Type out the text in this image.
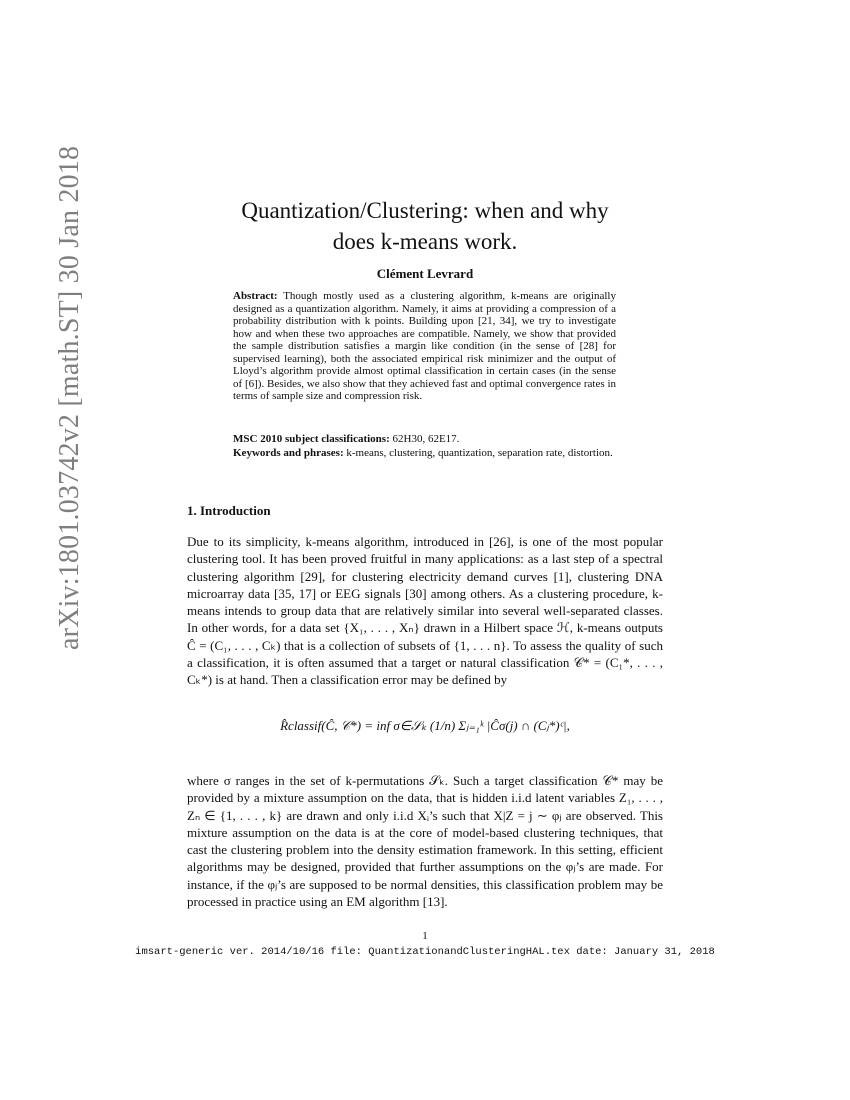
arXiv:1801.03742v2 [math.ST] 30 Jan 2018	Quantization/Clustering: when and why
does k-means work.
Clément Levrard
Abstract: Though mostly used as a clustering algorithm, k-means are originally designed as a quantization algorithm. Namely, it aims at providing a compression of a probability distribution with k points. Building upon [21, 34], we try to investigate how and when these two approaches are compatible. Namely, we show that provided the sample distribution satisfies a margin like condition (in the sense of [28] for supervised learning), both the associated empirical risk minimizer and the output of Lloyd’s algorithm provide almost optimal classification in certain cases (in the sense of [6]). Besides, we also show that they achieved fast and optimal convergence rates in terms of sample size and compression risk.
MSC 2010 subject classifications: 62H30, 62E17.
Keywords and phrases: k-means, clustering, quantization, separation rate, distortion.
1. Introduction
Due to its simplicity, k-means algorithm, introduced in [26], is one of the most popular clustering tool. It has been proved fruitful in many applications: as a last step of a spectral clustering algorithm [29], for clustering electricity demand curves [1], clustering DNA microarray data [35, 17] or EEG signals [30] among others. As a clustering procedure, k-means intends to group data that are relatively similar into several well-separated classes. In other words, for a data set {X₁, . . . , Xₙ} drawn in a Hilbert space ℋ, k-means outputs Ĉ = (C₁, . . . , Cₖ) that is a collection of subsets of {1, . . . n}. To assess the quality of such a classification, it is often assumed that a target or natural classification 𝒞* = (C₁*, . . . , Cₖ*) is at hand. Then a classification error may be defined by
R̂classif(Ĉ, 𝒞*) = inf σ∈𝒮ₖ (1/n) Σⱼ₌₁ᵏ |Ĉσ(j) ∩ (Cⱼ*)ᶜ|,
where σ ranges in the set of k-permutations 𝒮ₖ. Such a target classification 𝒞* may be provided by a mixture assumption on the data, that is hidden i.i.d latent variables Z₁, . . . , Zₙ ∈ {1, . . . , k} are drawn and only i.i.d Xᵢ’s such that X|Z = j ∼ φⱼ are observed. This mixture assumption on the data is at the core of model-based clustering techniques, that cast the clustering problem into the density estimation framework. In this setting, efficient algorithms may be designed, provided that further assumptions on the φⱼ’s are made. For instance, if the φⱼ’s are supposed to be normal densities, this classification problem may be processed in practice using an EM algorithm [13].
1
imsart-generic ver. 2014/10/16 file: QuantizationandClusteringHAL.tex date: January 31, 2018
